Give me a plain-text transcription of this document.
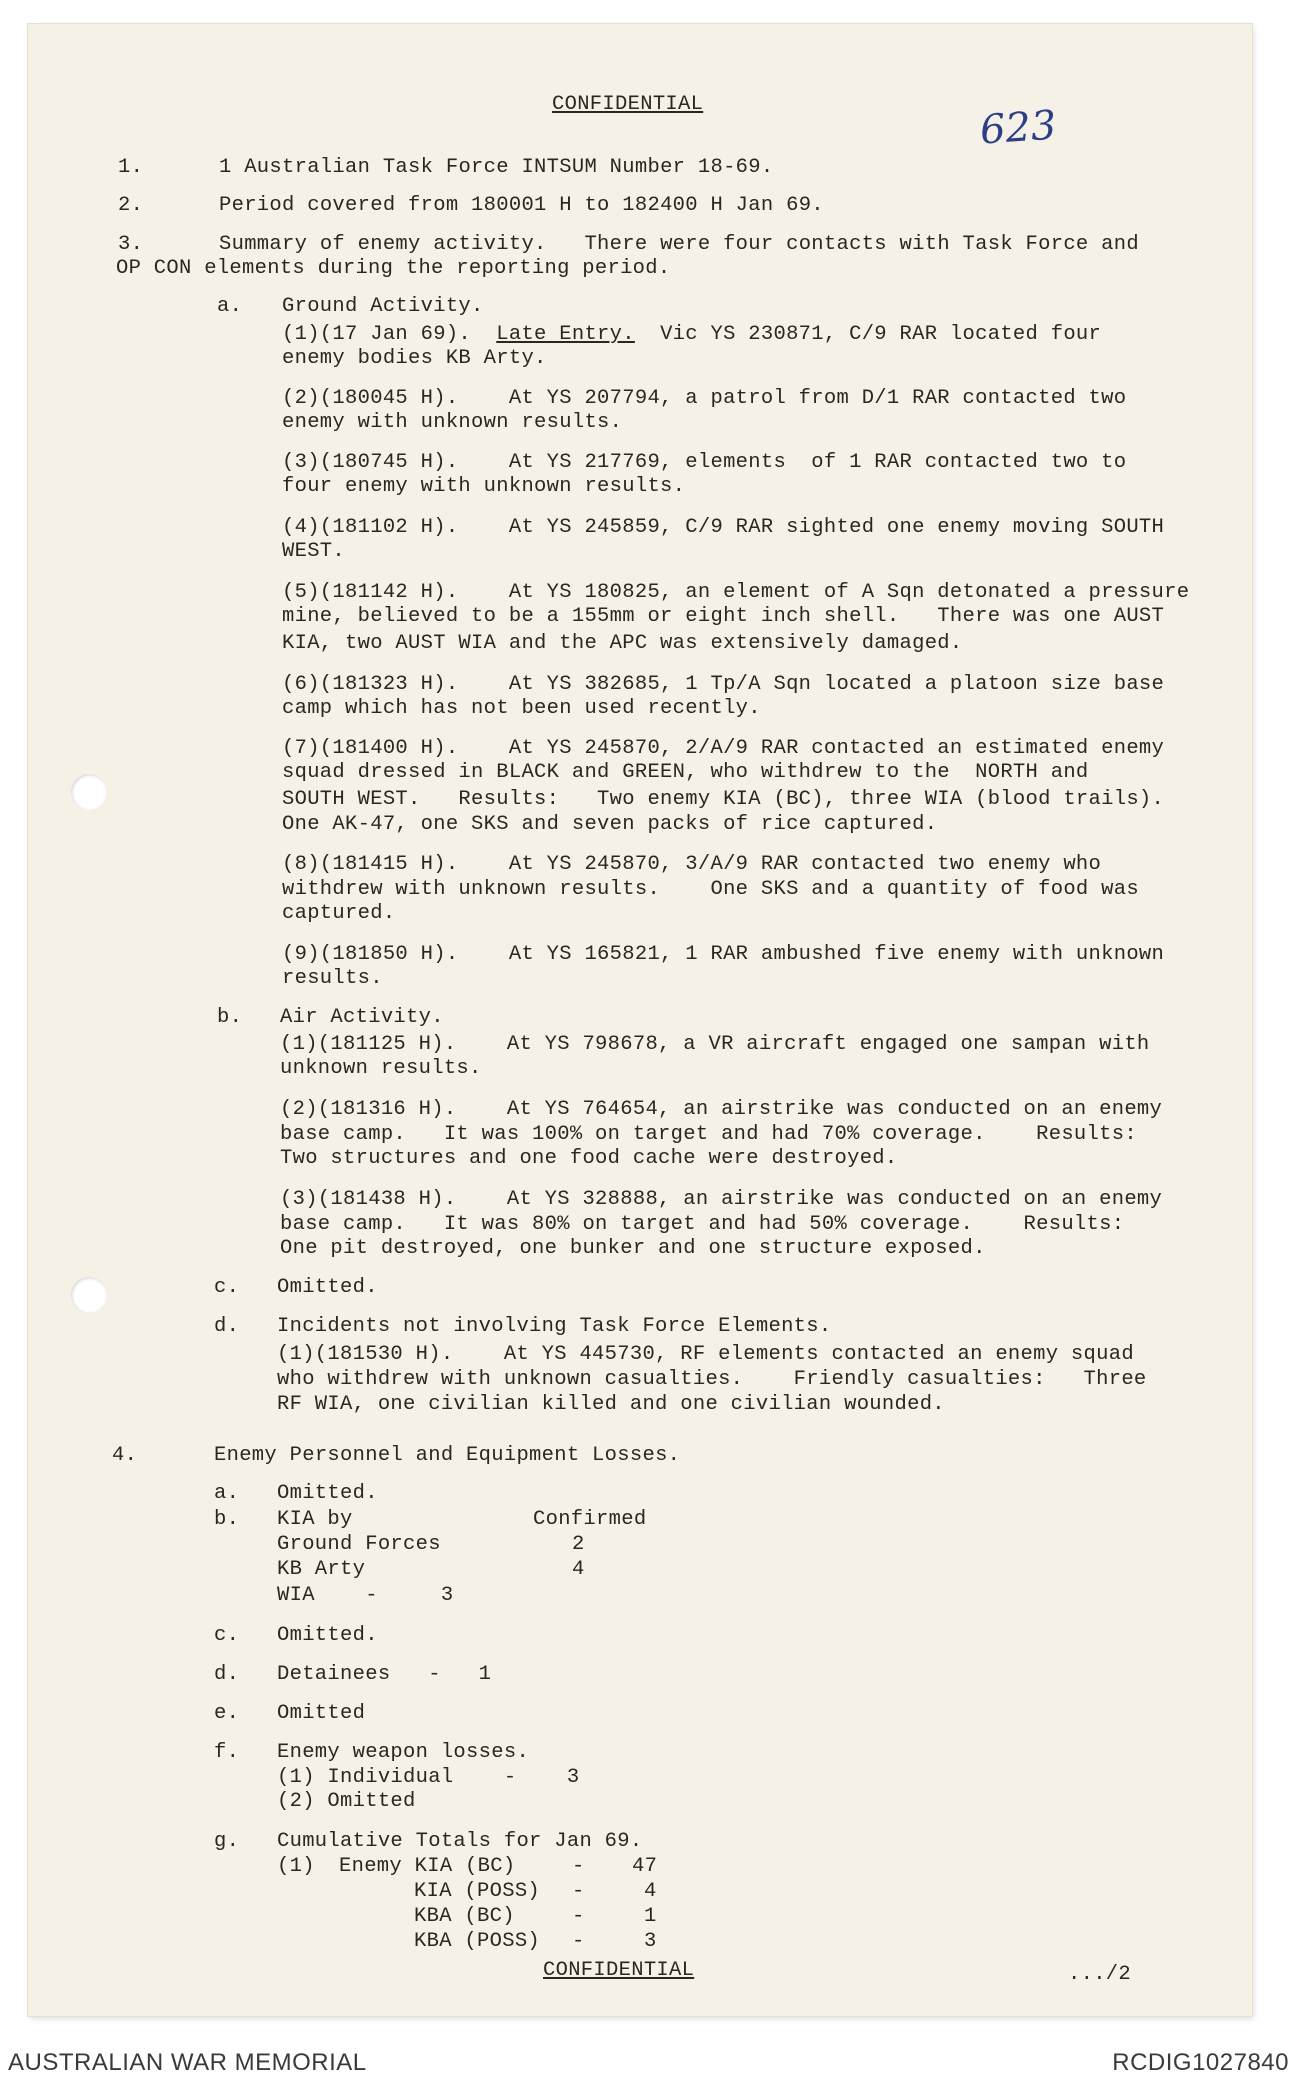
CONFIDENTIAL	623
1.	1 Australian Task Force INTSUM Number 18-69.
2.	Period covered from 180001 H to 182400 H Jan 69.
3.	Summary of enemy activity.   There were four contacts with Task Force and
OP CON elements during the reporting period.
a. Ground Activity.
(1)(17 Jan 69).  Late Entry.  Vic YS 230871, C/9 RAR located four
enemy bodies KB Arty.
(2)(180045 H).    At YS 207794, a patrol from D/1 RAR contacted two
enemy with unknown results.
(3)(180745 H).    At YS 217769, elements  of 1 RAR contacted two to
four enemy with unknown results.
(4)(181102 H).    At YS 245859, C/9 RAR sighted one enemy moving SOUTH
WEST.
(5)(181142 H).    At YS 180825, an element of A Sqn detonated a pressure
mine, believed to be a 155mm or eight inch shell.   There was one AUST
KIA, two AUST WIA and the APC was extensively damaged.
(6)(181323 H).    At YS 382685, 1 Tp/A Sqn located a platoon size base
camp which has not been used recently.
(7)(181400 H).    At YS 245870, 2/A/9 RAR contacted an estimated enemy
squad dressed in BLACK and GREEN, who withdrew to the  NORTH and
SOUTH WEST.   Results:   Two enemy KIA (BC), three WIA (blood trails).
One AK-47, one SKS and seven packs of rice captured.
(8)(181415 H).    At YS 245870, 3/A/9 RAR contacted two enemy who
withdrew with unknown results.    One SKS and a quantity of food was
captured.
(9)(181850 H).    At YS 165821, 1 RAR ambushed five enemy with unknown
results.
b. Air Activity.
(1)(181125 H).    At YS 798678, a VR aircraft engaged one sampan with
unknown results.
(2)(181316 H).    At YS 764654, an airstrike was conducted on an enemy
base camp.   It was 100% on target and had 70% coverage.    Results:
Two structures and one food cache were destroyed.
(3)(181438 H).    At YS 328888, an airstrike was conducted on an enemy
base camp.   It was 80% on target and had 50% coverage.    Results:
One pit destroyed, one bunker and one structure exposed.
c. Omitted.
d. Incidents not involving Task Force Elements.
(1)(181530 H).    At YS 445730, RF elements contacted an enemy squad
who withdrew with unknown casualties.    Friendly casualties:   Three
RF WIA, one civilian killed and one civilian wounded.
4.	Enemy Personnel and Equipment Losses.
a. Omitted.
b. KIA by	Confirmed
Ground Forces	2
KB Arty	4
WIA    -     3
c. Omitted.
d. Detainees   -   1
e. Omitted
f. Enemy weapon losses.
(1) Individual    -    3
(2) Omitted
g. Cumulative Totals for Jan 69.
(1) Enemy KIA (BC)	- 47
KIA (POSS) -	4
KBA (BC)	-	1
KBA (POSS) -	3
CONFIDENTIAL	.../2
AUSTRALIAN WAR MEMORIAL	RCDIG1027840
